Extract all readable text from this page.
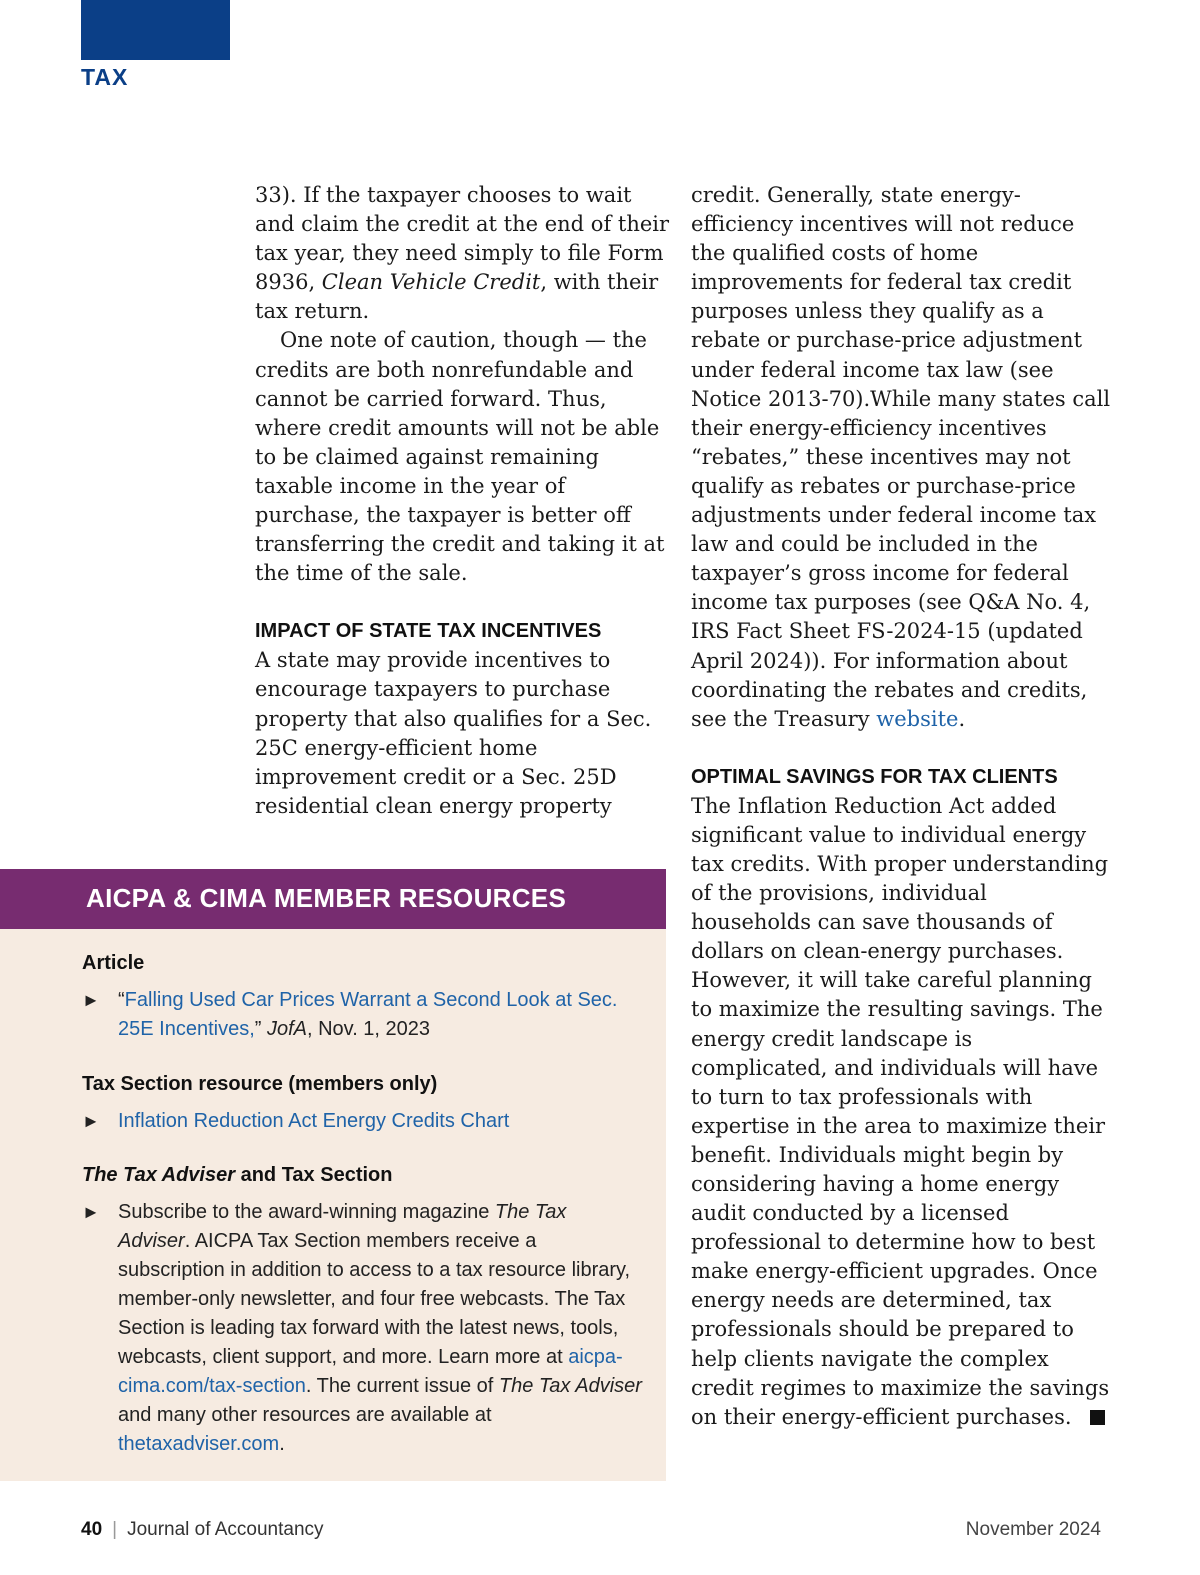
TAX

33). If the taxpayer chooses to wait and claim the credit at the end of their tax year, they need simply to file Form 8936, Clean Vehicle Credit, with their tax return.

One note of caution, though — the credits are both nonrefundable and cannot be carried forward. Thus, where credit amounts will not be able to be claimed against remaining taxable income in the year of purchase, the taxpayer is better off transferring the credit and taking it at the time of the sale.

IMPACT OF STATE TAX INCENTIVES

A state may provide incentives to encourage taxpayers to purchase property that also qualifies for a Sec. 25C energy-efficient home improvement credit or a Sec. 25D residential clean energy property

credit. Generally, state energy-efficiency incentives will not reduce the qualified costs of home improvements for federal tax credit purposes unless they qualify as a rebate or purchase-price adjustment under federal income tax law (see Notice 2013-70).While many states call their energy-efficiency incentives “rebates,” these incentives may not qualify as rebates or purchase-price adjustments under federal income tax law and could be included in the taxpayer’s gross income for federal income tax purposes (see Q&A No. 4, IRS Fact Sheet FS-2024-15 (updated April 2024)). For information about coordinating the rebates and credits, see the Treasury website.

OPTIMAL SAVINGS FOR TAX CLIENTS

The Inflation Reduction Act added significant value to individual energy tax credits. With proper understanding of the provisions, individual households can save thousands of dollars on clean-energy purchases. However, it will take careful planning to maximize the resulting savings. The energy credit landscape is complicated, and individuals will have to turn to tax professionals with expertise in the area to maximize their benefit. Individuals might begin by considering having a home energy audit conducted by a licensed professional to determine how to best make energy-efficient upgrades. Once energy needs are determined, tax professionals should be prepared to help clients navigate the complex credit regimes to maximize the savings on their energy-efficient purchases.

AICPA & CIMA MEMBER RESOURCES
Article
► “Falling Used Car Prices Warrant a Second Look at Sec. 25E Incentives,” JofA, Nov. 1, 2023
Tax Section resource (members only)
► Inflation Reduction Act Energy Credits Chart
The Tax Adviser and Tax Section
► Subscribe to the award-winning magazine The Tax Adviser. AICPA Tax Section members receive a subscription in addition to access to a tax resource library, member-only newsletter, and four free webcasts. The Tax Section is leading tax forward with the latest news, tools, webcasts, client support, and more. Learn more at aicpa-cima.com/tax-section. The current issue of The Tax Adviser and many other resources are available at thetaxadviser.com.
40 | Journal of Accountancy	November 2024
